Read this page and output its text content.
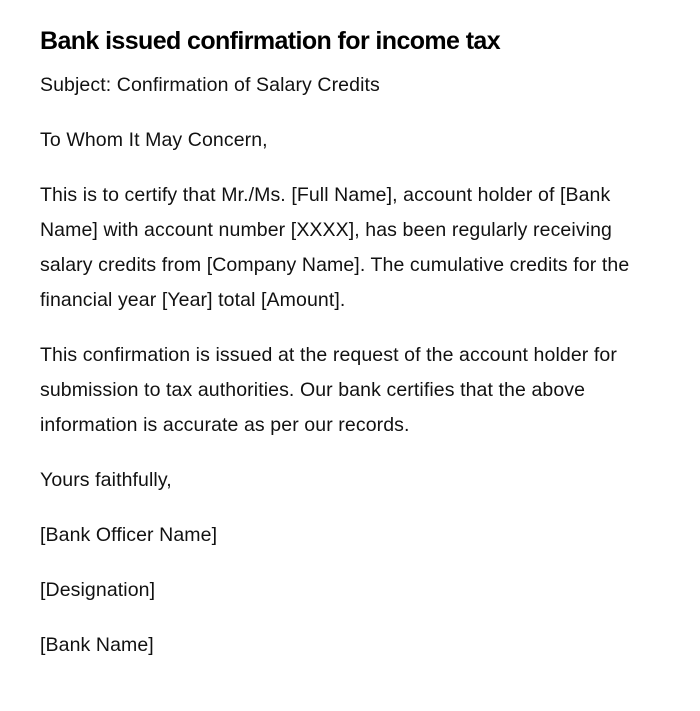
Bank issued confirmation for income tax

Subject: Confirmation of Salary Credits

To Whom It May Concern,

This is to certify that Mr./Ms. [Full Name], account holder of [Bank Name] with account number [XXXX], has been regularly receiving salary credits from [Company Name]. The cumulative credits for the financial year [Year] total [Amount].

This confirmation is issued at the request of the account holder for submission to tax authorities. Our bank certifies that the above information is accurate as per our records.

Yours faithfully,

[Bank Officer Name]

[Designation]

[Bank Name]
